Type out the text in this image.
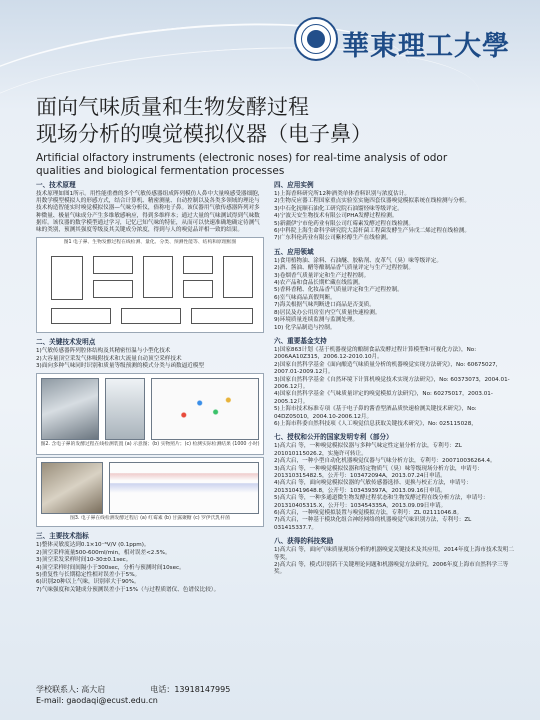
華東理工大學
面向气味质量和生物发酵过程
现场分析的嗅觉模拟仪器（电子鼻）
Artificial olfactory instruments (electronic noses) for real-time analysis of odor qualities and biological fermentation processes
一、技术原理
技术原理如图1所示。用性能重叠的多个气敏传感器组成阵列模仿人鼻中大量嗅感受器细胞，用数学模型模拟人的形感方式，结合计算机、精密测量、自动控制以及各类多领域的理论与技术构造智能实时嗅觉模拟仪器—气味分析仪，俗称电子鼻。该仪器用气敏传感器阵列对多种微量、极量气味成分产生多维敏感响应，得到多维样本；通过大量的气味测试得到气味数据库。该仪器的数学模型通过学习，记忆已知气味的特征，从而可以快速准确地确定待测气味的类别，预测其强度等级及其关键成分浓度，得到与人的嗅觉品评相一致的结果。
图1 电子鼻、生物发酵过程在线检测、量化、分类、预测性能等、结构和原理框图
二、关键技术发明点
1)气敏传感器阵列腔体结构及其精密恒温与小型化技术
2)大容量顶空采发气体吸附技术和大流量自动顶空采样技术
3)面向多种气味同时识别和质量等级预测的模式分类与函数逼近模型
图2. 含电子鼻的发酵过程在线检测装置 (a) 示意图；(b) 实物照片；(c) 检测实际检测结果 (1000 小时)
图3. 电子鼻在线检测发酵过程后 (a) 红霉素 (b) 甘露聚糖 (c) 罗伊氏乳杆菌
三、主要技术指标
1)整体灵敏度达到0.1×10⁻⁶V/V (0.1ppm)。
2)顶空采样流量500-600ml/min，相对误差<2.5%。
3)顶空采发采样时间10-30±0.1sec。
4)顶空采样时间间隔小于300sec，分析与预测时间10sec。
5)重复性与长期稳定性相对误差小于5%。
6)识别20种以上气味，识别率大于90%。
7)气味强度和关键成分预测误差小于15%（与过程质谱仪、色谱仪比较）。
四、应用实例
1)上海香料研究所12种酒类单体香料识别与浓度估计。
2)生物反应器工程国家重点实验室实施四套仪器嗅觉模拟系统在线检测与分析。
3)中石化抚顺石油化工研究院石油馏烃味等级评定。
4)宁波天安生物技术有限公司PHA发酵过程检测。
5)新疆伊宁市伦药业有限公司红霉素发酵过程在线检测。
6)中科院上海生命科学研究院大蒜杆菌工程菌发酵生产异戊二烯过程在线检测。
7)广东科伦药业有限公司紫杉醇生产在线检测。
五、应用领域
1)食用植物油、涂料、石油醚、胶粘剂、皮革气（臭）味等级评定。
2)酒、酱油、醋等酿制品香气质量评定与生产过程控制。
3)卷烟香气质量评定和生产过程控制。
4)农产品和食品长期贮藏在线监测。
5)香料香精、化妆品香气质量评定和生产过程控制。
6)室气味商品真假判断。
7)海关根据气味判断进口商品是否变质。
8)居民及办公用房室内空气质量快速检测。
9)环境质量连续监测与监测处理。
10) 化学品制造与控制。
六、重要基金支持
1)国家863计划《基于机器视觉的酿制食品发酵过程计算模型和可视化方法》，No: 2006AA10Z315，2006.12-2010.10月。
2)国家自然科学基金《面向酿造气味质量分析的机器嗅觉实现方法研究》，No: 60675027，2007.01-2009.12月。
3)国家自然科学基金《自然环境下计算机嗅觉技术实现方法研究》，No: 60373073，2004.01-2006.12月。
4)国家自然科学基金《气味质量评定的嗅觉模拟方法研究》，No: 60275017，2003.01-2005.12月。
5)上海市技术标准专项《基于电子鼻的酱香型酒品质快速检测关键技术研究》，No: 04DZ05010，2004.10-2006.12月。
6)上海市科委自然科技项《人工嗅觉信息获取关键技术研究》，No: 025115028，
七、授权和公开的国家发明专利（部分）
1)高大启 等，一种嗅觉模拟仪器与多种气味定性定量分析方法，专利号：ZL 201010115026.2，实施许可转让。
2)高大启，一种小型自动化机器嗅觉仪器与气味分析方法，专利号：200710036264.4。
3)高大启 等，一种嗅觉模拟仪器和特定物质气（臭）味等级现场分析方法，申请号：201310315482.5，公开号：103472094A，2013.07.24日申请。
4)高大启 等，面向嗅觉模拟仪器的气敏传感器选择、更换与校正方法，申请号：201310419648.8，公开号：103439397A，2013.09.16日申请。
5)高大启 等，一种多通道微生物发酵过程状态和生物发酵过程在线分析方法，申请号：201310405315.X，公开号：103454335A，2013.09.09日申请。
6)高大启，一种嗅觉模拟装置与嗅觉模拟方法，专利号：ZL 02111046.8。
7)高大启，一种基于模块化组合神经网络的机器嗅觉气味识别方法，专利号：ZL 031415337.7。
八、获得的科技奖励
1)高大启 等，面向气味质量现场分析的机器嗅觉关键技术及其应用，2014年度上海市技术发明二等奖。
2)高大启 等，模式识别若干关键理论问题和机器嗅觉方法研究，2006年度上海市自然科学三等奖。
学校联系人: 高大启	电话：13918147995
E-mail: gaodaqi@ecust.edu.cn
